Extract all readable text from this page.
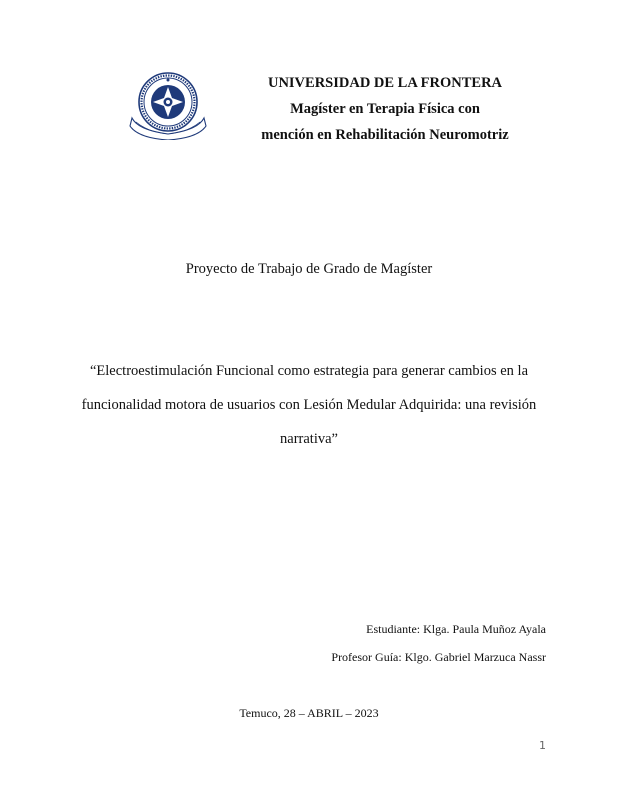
UNIVERSIDAD DE LA FRONTERA
Magíster en Terapia Física con
mención en Rehabilitación Neuromotriz
Proyecto de Trabajo de Grado de Magíster
“Electroestimulación Funcional como estrategia para generar cambios en la
funcionalidad motora de usuarios con Lesión Medular Adquirida: una revisión
narrativa”
Estudiante: Klga. Paula Muñoz Ayala
Profesor Guía: Klgo. Gabriel Marzuca Nassr
Temuco, 28 – ABRIL – 2023
1
